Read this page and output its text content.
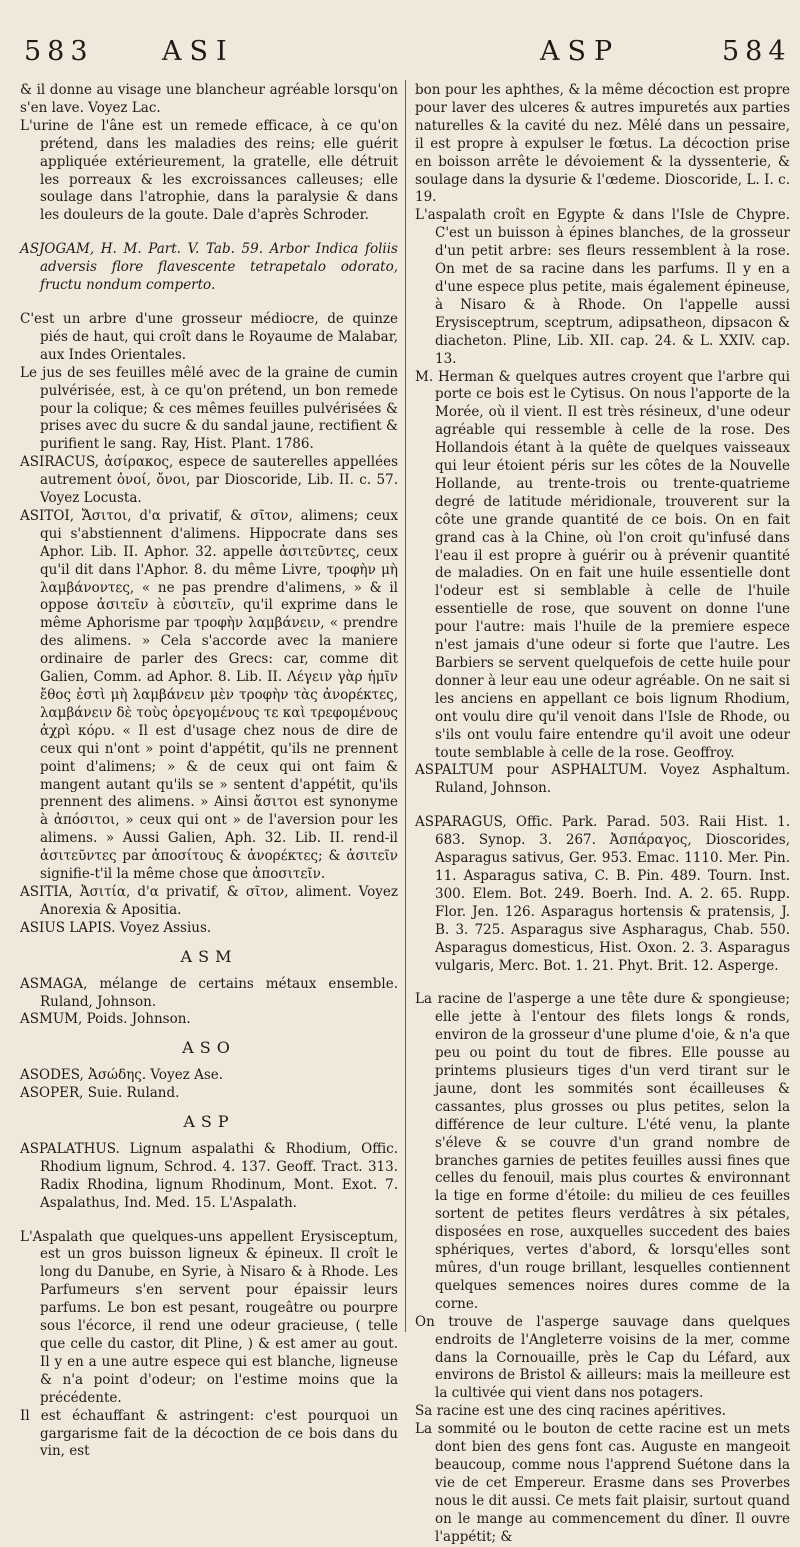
583	ASI	ASP	584

& il donne au visage une blancheur agréable lorsqu'on s'en lave. Voyez Lac.

L'urine de l'âne est un remede efficace, à ce qu'on prétend, dans les maladies des reins; elle guérit appliquée extérieurement, la gratelle, elle détruit les porreaux & les excroissances calleuses; elle soulage dans l'atrophie, dans la paralysie & dans les douleurs de la goute. Dale d'après Schroder.

ASJOGAM, H. M. Part. V. Tab. 59. Arbor Indica foliis adversis flore flavescente tetrapetalo odorato, fructu nondum comperto.

C'est un arbre d'une grosseur médiocre, de quinze piés de haut, qui croît dans le Royaume de Malabar, aux Indes Orientales.

Le jus de ses feuilles mêlé avec de la graine de cumin pulvérisée, est, à ce qu'on prétend, un bon remede pour la colique; & ces mêmes feuilles pulvérisées & prises avec du sucre & du sandal jaune, rectifient & purifient le sang. Ray, Hist. Plant. 1786.

ASIRACUS, ἀσίρακος, espece de sauterelles appellées autrement ὀνοί, ὄνοι, par Dioscoride, Lib. II. c. 57. Voyez Locusta.

ASITOI, Ἄσιτοι, d'α privatif, & σῖτον, alimens; ceux qui s'abstiennent d'alimens. Hippocrate dans ses Aphor. Lib. II. Aphor. 32. appelle ἀσιτεῦντες, ceux qu'il dit dans l'Aphor. 8. du même Livre, τροφὴν μὴ λαμβάνοντες, « ne pas prendre d'alimens, » & il oppose ἀσιτεῖν à εὐσιτεῖν, qu'il exprime dans le même Aphorisme par τροφὴν λαμβάνειν, « prendre des alimens. » Cela s'accorde avec la maniere ordinaire de parler des Grecs: car, comme dit Galien, Comm. ad Aphor. 8. Lib. II. Λέγειν γὰρ ἡμῖν ἔθος ἐστὶ μὴ λαμβάνειν μὲν τροφὴν τὰς ἀνορέκτες, λαμβάνειν δὲ τοὺς ὀρεγομένους τε καὶ τρεφομένους ἀχρὶ κόρυ. « Il est d'usage chez nous de dire de ceux qui n'ont » point d'appétit, qu'ils ne prennent point d'alimens; » & de ceux qui ont faim & mangent autant qu'ils se » sentent d'appétit, qu'ils prennent des alimens. » Ainsi ἄσιτοι est synonyme à ἀπόσιτοι, » ceux qui ont » de l'aversion pour les alimens. » Aussi Galien, Aph. 32. Lib. II. rend-il ἀσιτεῦντες par ἀποσίτους & ἀνορέκτες; & ἀσιτεῖν signifie-t'il la même chose que ἀποσιτεῖν.

ASITIA, Ἀσιτία, d'α privatif, & σῖτον, aliment. Voyez Anorexia & Apositia.

ASIUS LAPIS. Voyez Assius.

ASM

ASMAGA, mélange de certains métaux ensemble. Ruland, Johnson.

ASMUM, Poids. Johnson.

ASO

ASODES, Ἀσώδης. Voyez Ase.

ASOPER, Suie. Ruland.

ASP

ASPALATHUS. Lignum aspalathi & Rhodium, Offic. Rhodium lignum, Schrod. 4. 137. Geoff. Tract. 313. Radix Rhodina, lignum Rhodinum, Mont. Exot. 7. Aspalathus, Ind. Med. 15. L'Aspalath.

L'Aspalath que quelques-uns appellent Erysisceptum, est un gros buisson ligneux & épineux. Il croît le long du Danube, en Syrie, à Nisaro & à Rhode. Les Parfumeurs s'en servent pour épaissir leurs parfums. Le bon est pesant, rougeâtre ou pourpre sous l'écorce, il rend une odeur gracieuse, ( telle que celle du castor, dit Pline, ) & est amer au gout. Il y en a une autre espece qui est blanche, ligneuse & n'a point d'odeur; on l'estime moins que la précédente.

Il est échauffant & astringent: c'est pourquoi un gargarisme fait de la décoction de ce bois dans du vin, est

bon pour les aphthes, & la même décoction est propre pour laver des ulceres & autres impuretés aux parties naturelles & la cavité du nez. Mêlé dans un pessaire, il est propre à expulser le fœtus. La décoction prise en boisson arrête le dévoiement & la dyssenterie, & soulage dans la dysurie & l'œdeme. Dioscoride, L. I. c. 19.

L'aspalath croît en Egypte & dans l'Isle de Chypre. C'est un buisson à épines blanches, de la grosseur d'un petit arbre: ses fleurs ressemblent à la rose. On met de sa racine dans les parfums. Il y en a d'une espece plus petite, mais également épineuse, à Nisaro & à Rhode. On l'appelle aussi Erysisceptrum, sceptrum, adipsatheon, dipsacon & diacheton. Pline, Lib. XII. cap. 24. & L. XXIV. cap. 13.

M. Herman & quelques autres croyent que l'arbre qui porte ce bois est le Cytisus. On nous l'apporte de la Morée, où il vient. Il est très résineux, d'une odeur agréable qui ressemble à celle de la rose. Des Hollandois étant à la quête de quelques vaisseaux qui leur étoient péris sur les côtes de la Nouvelle Hollande, au trente-trois ou trente-quatrieme degré de latitude méridionale, trouverent sur la côte une grande quantité de ce bois. On en fait grand cas à la Chine, où l'on croit qu'infusé dans l'eau il est propre à guérir ou à prévenir quantité de maladies. On en fait une huile essentielle dont l'odeur est si semblable à celle de l'huile essentielle de rose, que souvent on donne l'une pour l'autre: mais l'huile de la premiere espece n'est jamais d'une odeur si forte que l'autre. Les Barbiers se servent quelquefois de cette huile pour donner à leur eau une odeur agréable. On ne sait si les anciens en appellant ce bois lignum Rhodium, ont voulu dire qu'il venoit dans l'Isle de Rhode, ou s'ils ont voulu faire entendre qu'il avoit une odeur toute semblable à celle de la rose. Geoffroy.

ASPALTUM pour ASPHALTUM. Voyez Asphaltum. Ruland, Johnson.

ASPARAGUS, Offic. Park. Parad. 503. Raii Hist. 1. 683. Synop. 3. 267. Ἀσπάραγος, Dioscorides, Asparagus sativus, Ger. 953. Emac. 1110. Mer. Pin. 11. Asparagus sativa, C. B. Pin. 489. Tourn. Inst. 300. Elem. Bot. 249. Boerh. Ind. A. 2. 65. Rupp. Flor. Jen. 126. Asparagus hortensis & pratensis, J. B. 3. 725. Asparagus sive Aspharagus, Chab. 550. Asparagus domesticus, Hist. Oxon. 2. 3. Asparagus vulgaris, Merc. Bot. 1. 21. Phyt. Brit. 12. Asperge.

La racine de l'asperge a une tête dure & spongieuse; elle jette à l'entour des filets longs & ronds, environ de la grosseur d'une plume d'oie, & n'a que peu ou point du tout de fibres. Elle pousse au printems plusieurs tiges d'un verd tirant sur le jaune, dont les sommités sont écailleuses & cassantes, plus grosses ou plus petites, selon la différence de leur culture. L'été venu, la plante s'éleve & se couvre d'un grand nombre de branches garnies de petites feuilles aussi fines que celles du fenouil, mais plus courtes & environnant la tige en forme d'étoile: du milieu de ces feuilles sortent de petites fleurs verdâtres à six pétales, disposées en rose, auxquelles succedent des baies sphériques, vertes d'abord, & lorsqu'elles sont mûres, d'un rouge brillant, lesquelles contiennent quelques semences noires dures comme de la corne.

On trouve de l'asperge sauvage dans quelques endroits de l'Angleterre voisins de la mer, comme dans la Cornouaille, près le Cap du Léfard, aux environs de Bristol & ailleurs: mais la meilleure est la cultivée qui vient dans nos potagers.

Sa racine est une des cinq racines apéritives.

La sommité ou le bouton de cette racine est un mets dont bien des gens font cas. Auguste en mangeoit beaucoup, comme nous l'apprend Suétone dans la vie de cet Empereur. Erasme dans ses Proverbes nous le dit aussi. Ce mets fait plaisir, surtout quand on le mange au commencement du dîner. Il ouvre l'appétit; &
